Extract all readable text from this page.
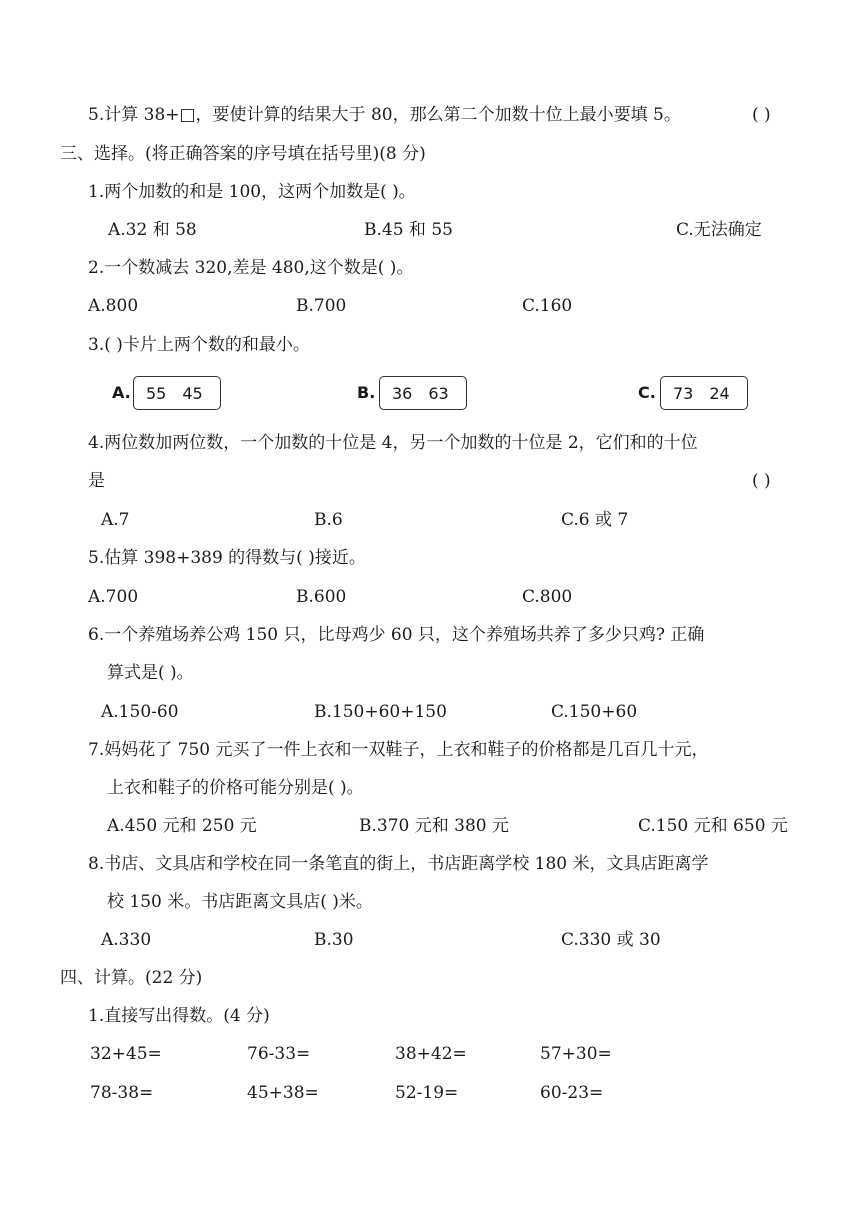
5.计算 38+□，要使计算的结果大于 80，那么第二个加数十位上最小要填 5。	( )
三、选择。(将正确答案的序号填在括号里)(8 分)
1.两个加数的和是 100，这两个加数是( )。
A.32 和 58	B.45 和 55	C.无法确定
2.一个数减去 320,差是 480,这个数是( )。
A.800	B.700	C.160
3.( )卡片上两个数的和最小。
A. 55 45	B. 36 63	C. 73 24
4.两位数加两位数，一个加数的十位是 4，另一个加数的十位是 2，它们和的十位
是	( )
A.7	B.6	C.6 或 7
5.估算 398+389 的得数与( )接近。
A.700	B.600	C.800
6.一个养殖场养公鸡 150 只，比母鸡少 60 只，这个养殖场共养了多少只鸡? 正确
算式是( )。
A.150-60	B.150+60+150	C.150+60
7.妈妈花了 750 元买了一件上衣和一双鞋子，上衣和鞋子的价格都是几百几十元，
上衣和鞋子的价格可能分别是( )。
A.450 元和 250 元	B.370 元和 380 元	C.150 元和 650 元
8.书店、文具店和学校在同一条笔直的街上，书店距离学校 180 米，文具店距离学
校 150 米。书店距离文具店( )米。
A.330	B.30	C.330 或 30
四、计算。(22 分)
1.直接写出得数。(4 分)
32+45=	76-33=	38+42=	57+30=
78-38=	45+38=	52-19=	60-23=
